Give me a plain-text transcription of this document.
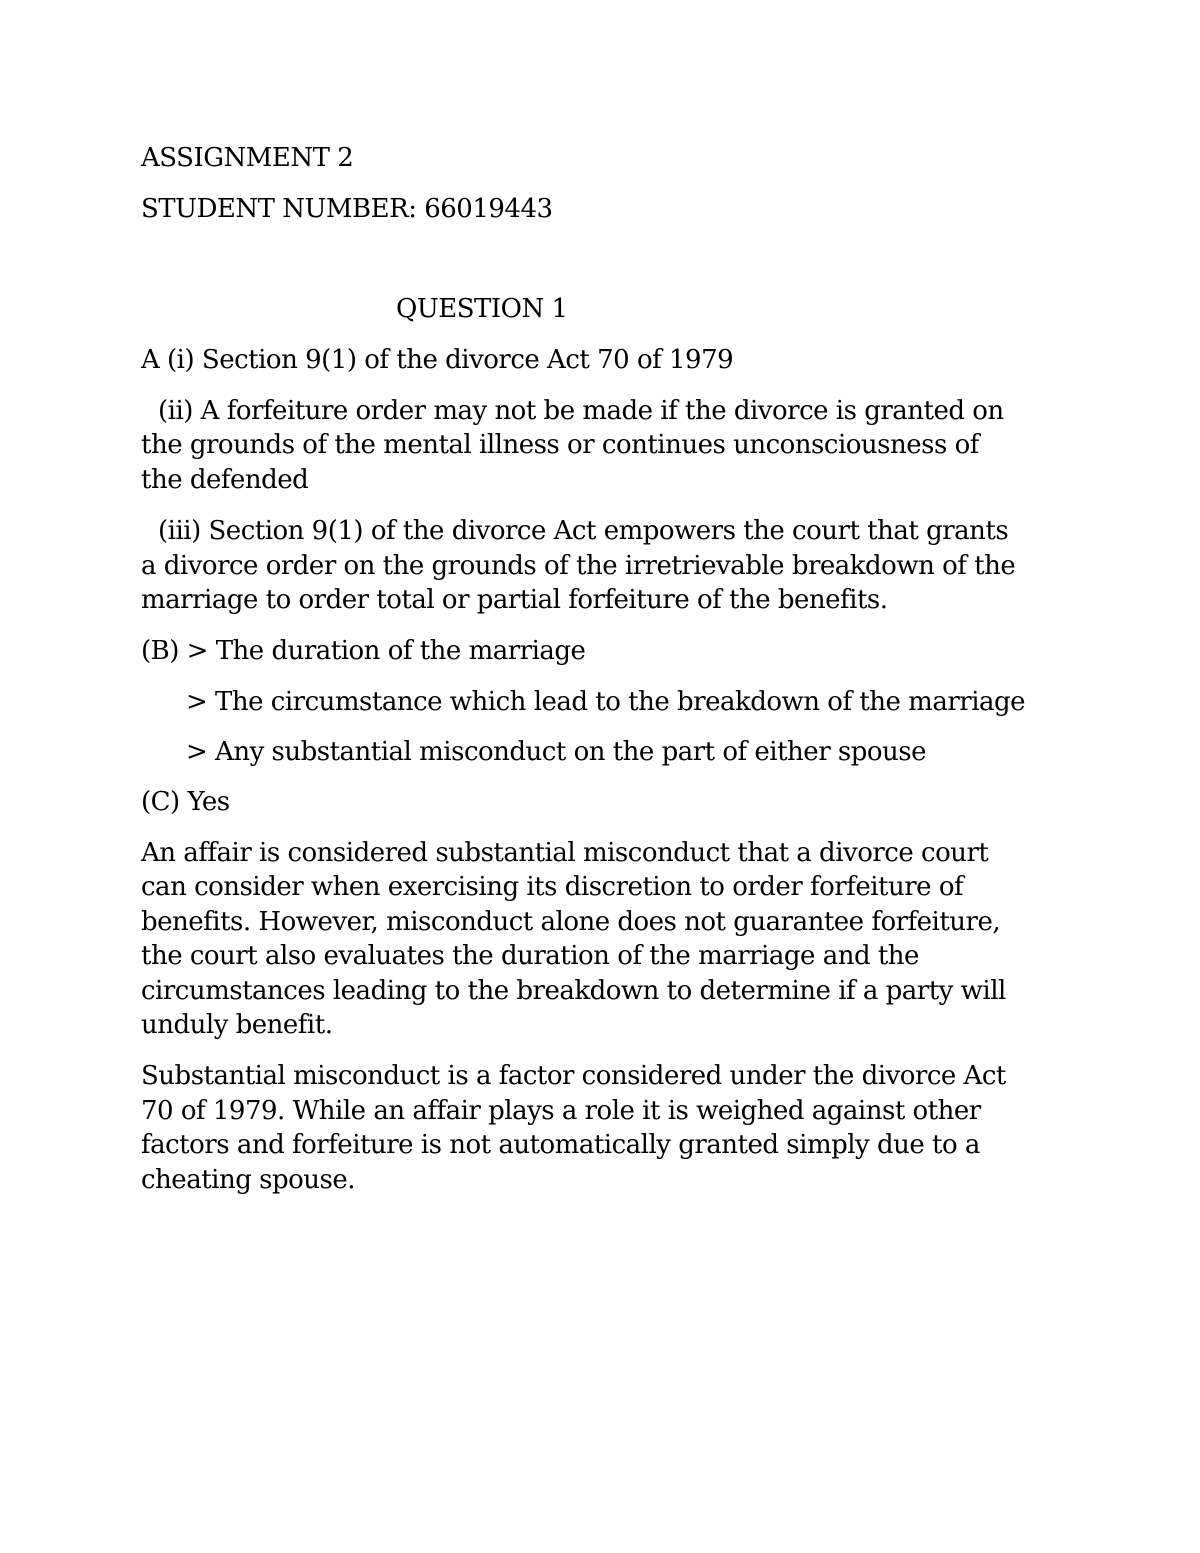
ASSIGNMENT 2

STUDENT NUMBER: 66019443

QUESTION 1

A (i) Section 9(1) of the divorce Act 70 of 1979

(ii) A forfeiture order may not be made if the divorce is granted on

the grounds of the mental illness or continues unconsciousness of

the defended

(iii) Section 9(1) of the divorce Act empowers the court that grants

a divorce order on the grounds of the irretrievable breakdown of the

marriage to order total or partial forfeiture of the benefits.

(B) > The duration of the marriage

> The circumstance which lead to the breakdown of the marriage

> Any substantial misconduct on the part of either spouse

(C) Yes

An affair is considered substantial misconduct that a divorce court

can consider when exercising its discretion to order forfeiture of

benefits. However, misconduct alone does not guarantee forfeiture,

the court also evaluates the duration of the marriage and the

circumstances leading to the breakdown to determine if a party will

unduly benefit.

Substantial misconduct is a factor considered under the divorce Act

70 of 1979. While an affair plays a role it is weighed against other

factors and forfeiture is not automatically granted simply due to a

cheating spouse.
